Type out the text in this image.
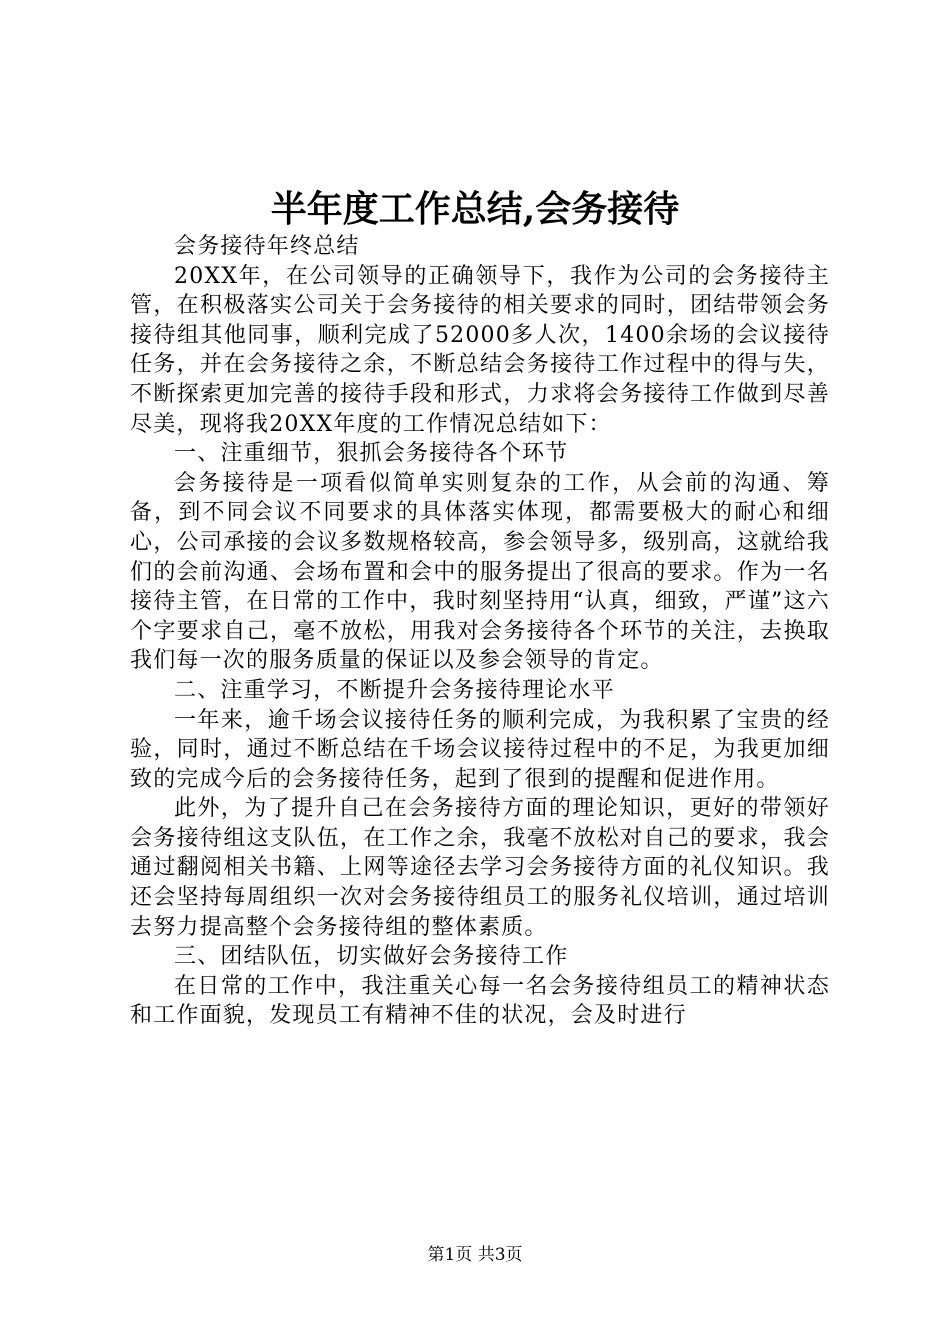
半年度工作总结,会务接待

会务接待年终总结

20XX年，在公司领导的正确领导下，我作为公司的会务接待主管，在积极落实公司关于会务接待的相关要求的同时，团结带领会务接待组其他同事，顺利完成了52000多人次，1400余场的会议接待任务，并在会务接待之余，不断总结会务接待工作过程中的得与失，不断探索更加完善的接待手段和形式，力求将会务接待工作做到尽善尽美，现将我20XX年度的工作情况总结如下：

一、注重细节，狠抓会务接待各个环节

会务接待是一项看似简单实则复杂的工作，从会前的沟通、筹备，到不同会议不同要求的具体落实体现，都需要极大的耐心和细心，公司承接的会议多数规格较高，参会领导多，级别高，这就给我们的会前沟通、会场布置和会中的服务提出了很高的要求。作为一名接待主管，在日常的工作中，我时刻坚持用“认真，细致，严谨”这六个字要求自己，毫不放松，用我对会务接待各个环节的关注，去换取我们每一次的服务质量的保证以及参会领导的肯定。

二、注重学习，不断提升会务接待理论水平

一年来，逾千场会议接待任务的顺利完成，为我积累了宝贵的经验，同时，通过不断总结在千场会议接待过程中的不足，为我更加细致的完成今后的会务接待任务，起到了很到的提醒和促进作用。

此外，为了提升自己在会务接待方面的理论知识，更好的带领好会务接待组这支队伍，在工作之余，我毫不放松对自己的要求，我会通过翻阅相关书籍、上网等途径去学习会务接待方面的礼仪知识。我还会坚持每周组织一次对会务接待组员工的服务礼仪培训，通过培训去努力提高整个会务接待组的整体素质。

三、团结队伍，切实做好会务接待工作

在日常的工作中，我注重关心每一名会务接待组员工的精神状态和工作面貌，发现员工有精神不佳的状况，会及时进行

第1页 共3页
